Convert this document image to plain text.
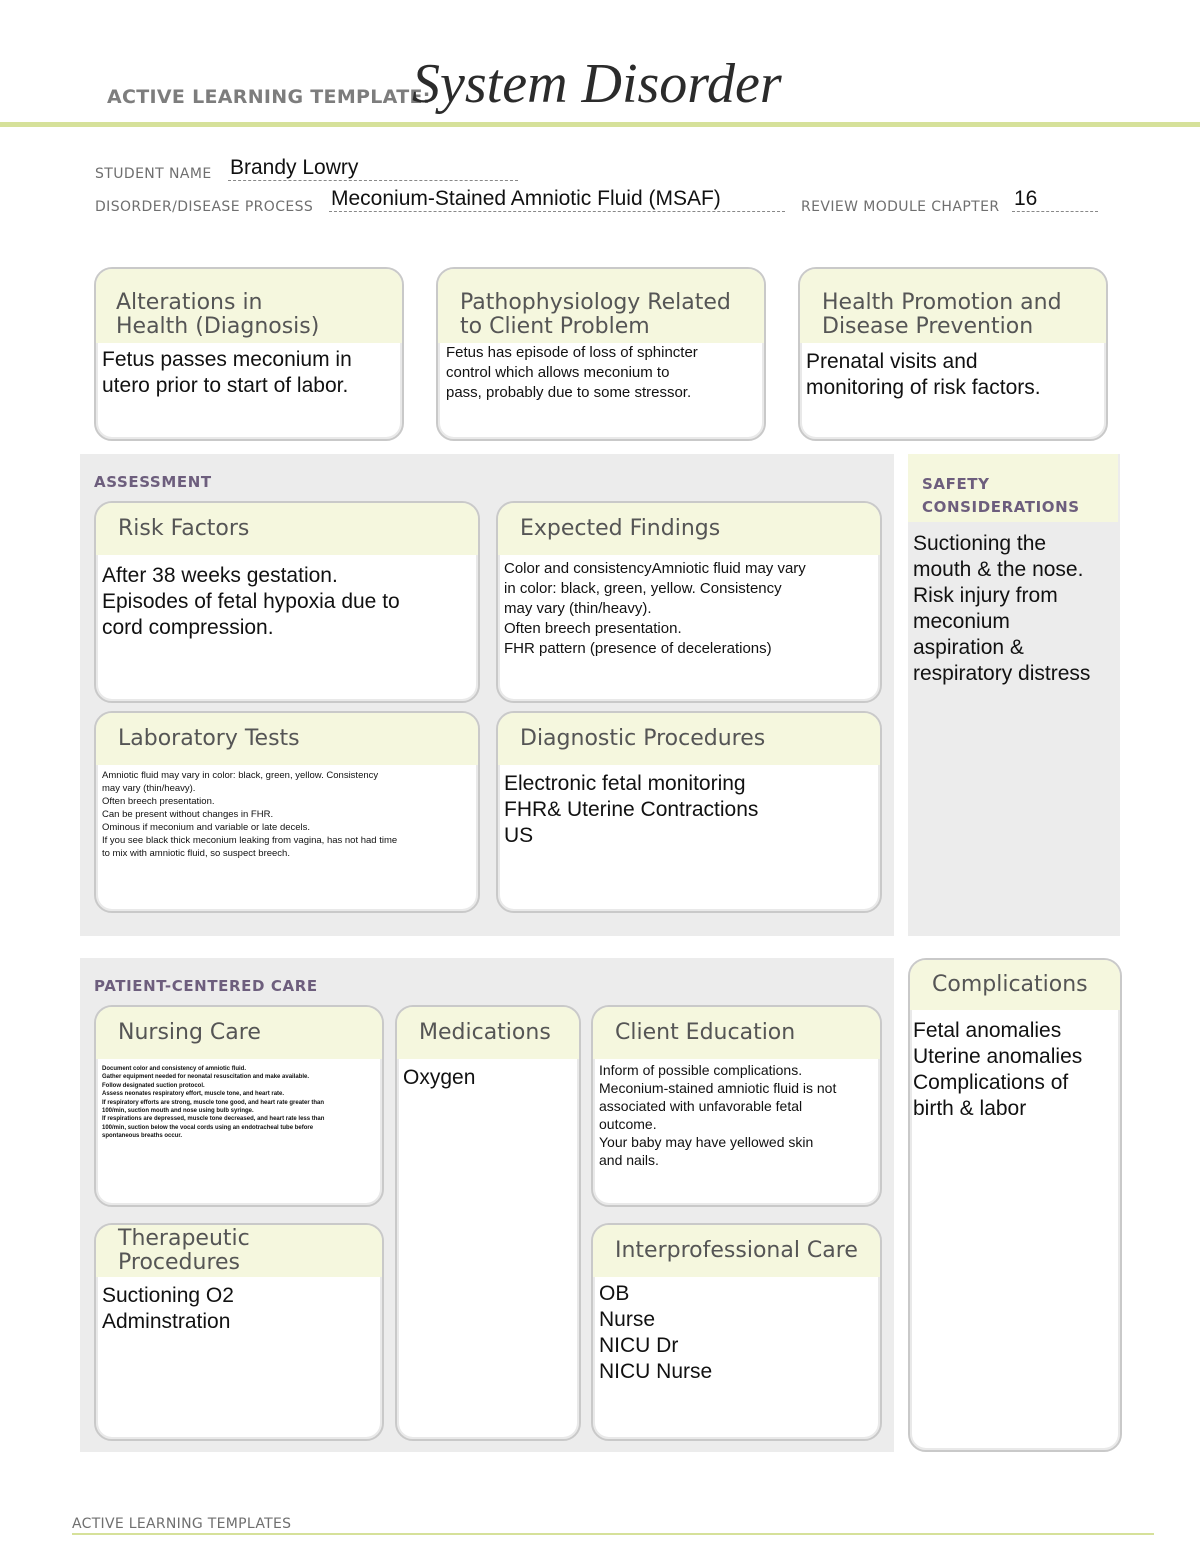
ACTIVE LEARNING TEMPLATE:
System Disorder
STUDENT NAME Brandy Lowry
DISORDER/DISEASE PROCESS Meconium-Stained Amniotic Fluid (MSAF)	REVIEW MODULE CHAPTER 16
Alterations in
Health (Diagnosis)
Fetus passes meconium in
utero prior to start of labor.
Pathophysiology Related
to Client Problem
Fetus has episode of loss of sphincter
control which allows meconium to
pass, probably due to some stressor.
Health Promotion and
Disease Prevention
Prenatal visits and
monitoring of risk factors.
ASSESSMENT
Risk Factors
After 38 weeks gestation.
Episodes of fetal hypoxia due to
cord compression.
Expected Findings
Color and consistencyAmniotic fluid may vary
in color: black, green, yellow. Consistency
may vary (thin/heavy).
Often breech presentation.
FHR pattern (presence of decelerations)
Laboratory Tests
Amniotic fluid may vary in color: black, green, yellow. Consistency
may vary (thin/heavy).
Often breech presentation.
Can be present without changes in FHR.
Ominous if meconium and variable or late decels.
If you see black thick meconium leaking from vagina, has not had time
to mix with amniotic fluid, so suspect breech.
Diagnostic Procedures
Electronic fetal monitoring
FHR& Uterine Contractions
US
SAFETY
CONSIDERATIONS
Suctioning the
mouth & the nose.
Risk injury from
meconium
aspiration &
respiratory distress
PATIENT-CENTERED CARE
Nursing Care
Document color and consistency of amniotic fluid.
Gather equipment needed for neonatal resuscitation and make available.
Follow designated suction protocol.
Assess neonates respiratory effort, muscle tone, and heart rate.
If respiratory efforts are strong, muscle tone good, and heart rate greater than
100/min, suction mouth and nose using bulb syringe.
If respirations are depressed, muscle tone decreased, and heart rate less than
100/min, suction below the vocal cords using an endotracheal tube before
spontaneous breaths occur.
Medications
Oxygen
Client Education
Inform of possible complications.
Meconium-stained amniotic fluid is not
associated with unfavorable fetal
outcome.
Your baby may have yellowed skin
and nails.
Therapeutic Procedures
Suctioning O2
Adminstration
Interprofessional Care
OB
Nurse
NICU Dr
NICU Nurse
Complications
Fetal anomalies
Uterine anomalies
Complications of
birth & labor
ACTIVE LEARNING TEMPLATES
